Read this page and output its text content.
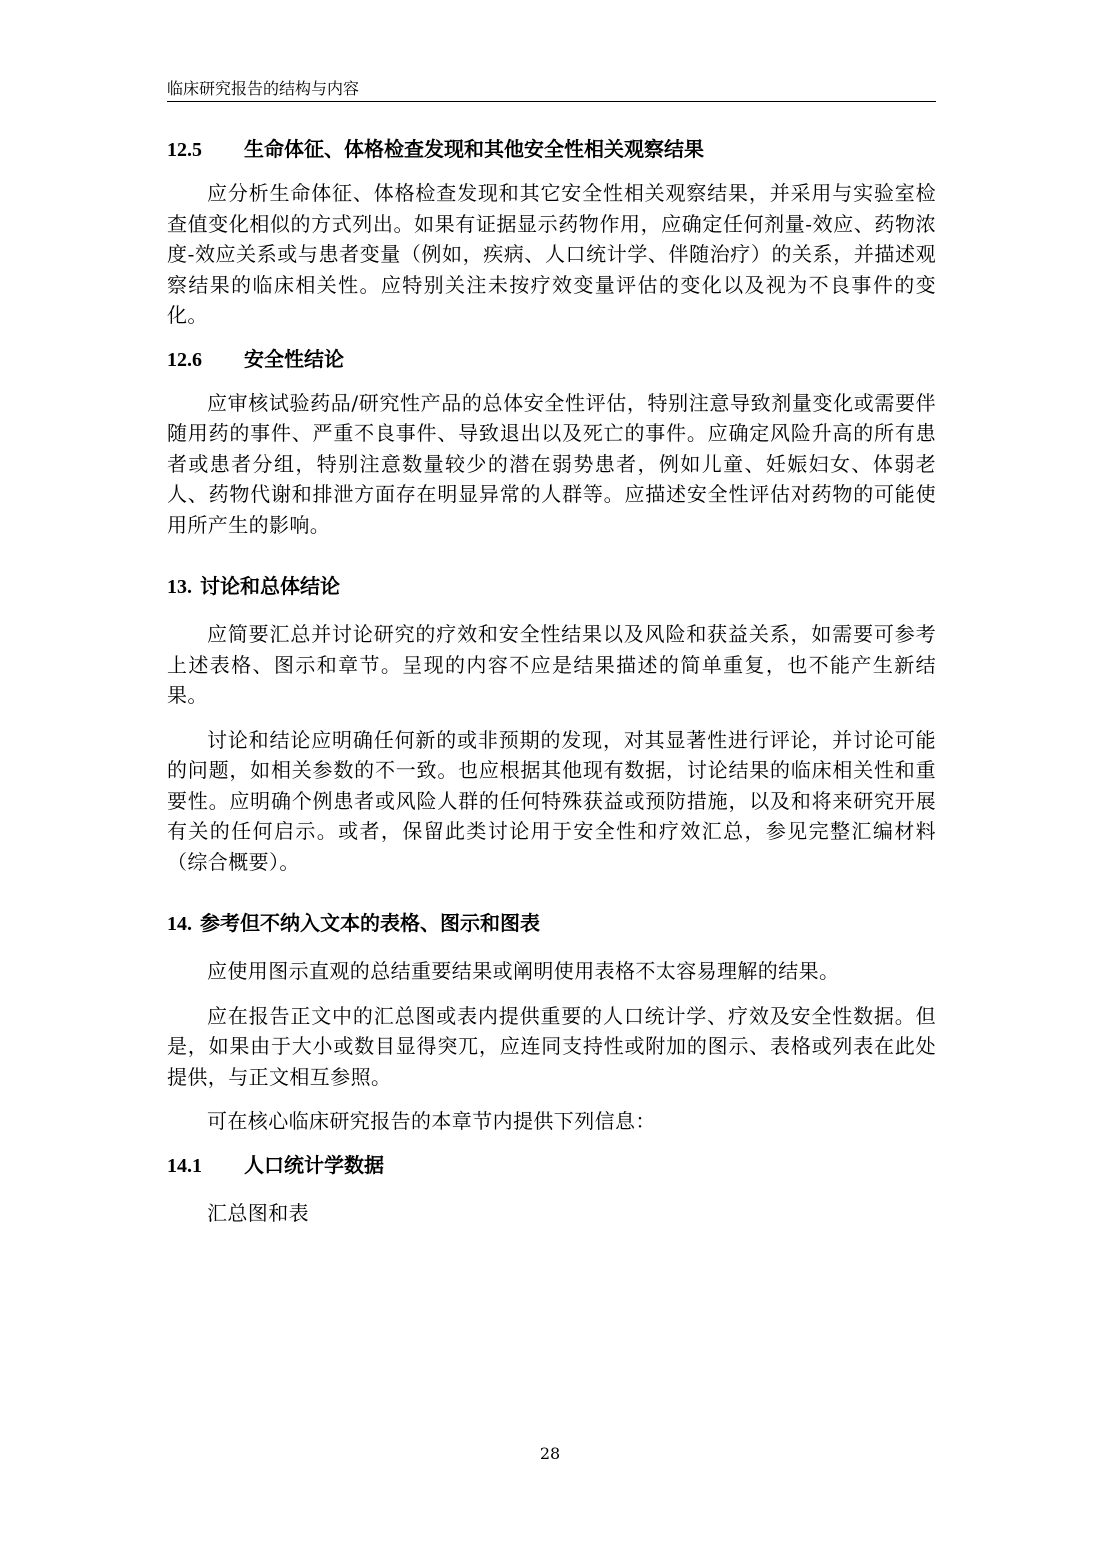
临床研究报告的结构与内容
12.5 生命体征、体格检查发现和其他安全性相关观察结果

应分析生命体征、体格检查发现和其它安全性相关观察结果，并采用与实验室检查值变化相似的方式列出。如果有证据显示药物作用，应确定任何剂量-效应、药物浓度-效应关系或与患者变量（例如，疾病、人口统计学、伴随治疗）的关系，并描述观察结果的临床相关性。应特别关注未按疗效变量评估的变化以及视为不良事件的变化。

12.6 安全性结论

应审核试验药品/研究性产品的总体安全性评估，特别注意导致剂量变化或需要伴随用药的事件、严重不良事件、导致退出以及死亡的事件。应确定风险升高的所有患者或患者分组，特别注意数量较少的潜在弱势患者，例如儿童、妊娠妇女、体弱老人、药物代谢和排泄方面存在明显异常的人群等。应描述安全性评估对药物的可能使用所产生的影响。

13. 讨论和总体结论

应简要汇总并讨论研究的疗效和安全性结果以及风险和获益关系，如需要可参考上述表格、图示和章节。呈现的内容不应是结果描述的简单重复，也不能产生新结果。

讨论和结论应明确任何新的或非预期的发现，对其显著性进行评论，并讨论可能的问题，如相关参数的不一致。也应根据其他现有数据，讨论结果的临床相关性和重要性。应明确个例患者或风险人群的任何特殊获益或预防措施，以及和将来研究开展有关的任何启示。或者，保留此类讨论用于安全性和疗效汇总，参见完整汇编材料（综合概要）。

14. 参考但不纳入文本的表格、图示和图表

应使用图示直观的总结重要结果或阐明使用表格不太容易理解的结果。

应在报告正文中的汇总图或表内提供重要的人口统计学、疗效及安全性数据。但是，如果由于大小或数目显得突兀，应连同支持性或附加的图示、表格或列表在此处提供，与正文相互参照。

可在核心临床研究报告的本章节内提供下列信息：

14.1 人口统计学数据

汇总图和表

28
